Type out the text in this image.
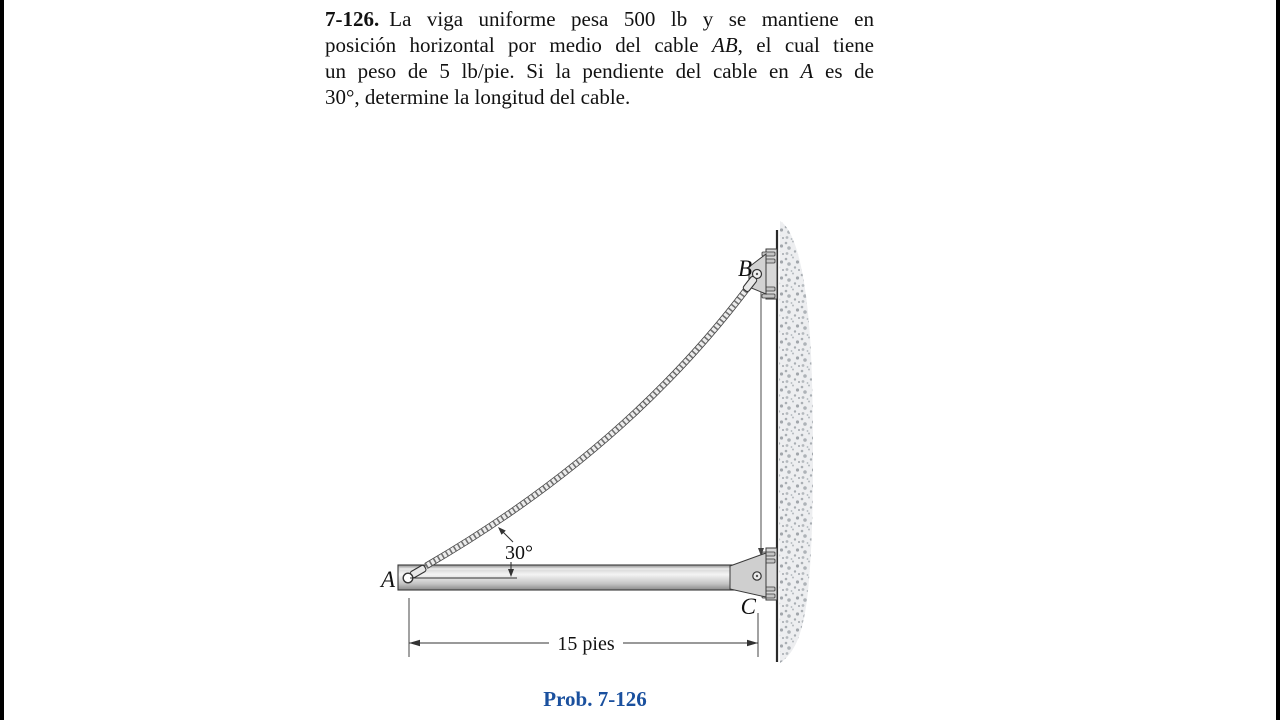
7-126. La viga uniforme pesa 500 lb y se mantiene en
posición horizontal por medio del cable AB, el cual tiene
un peso de 5 lb/pie. Si la pendiente del cable en A es de
30°, determine la longitud del cable.
30°
15 pies
A
B
C
Prob. 7-126
